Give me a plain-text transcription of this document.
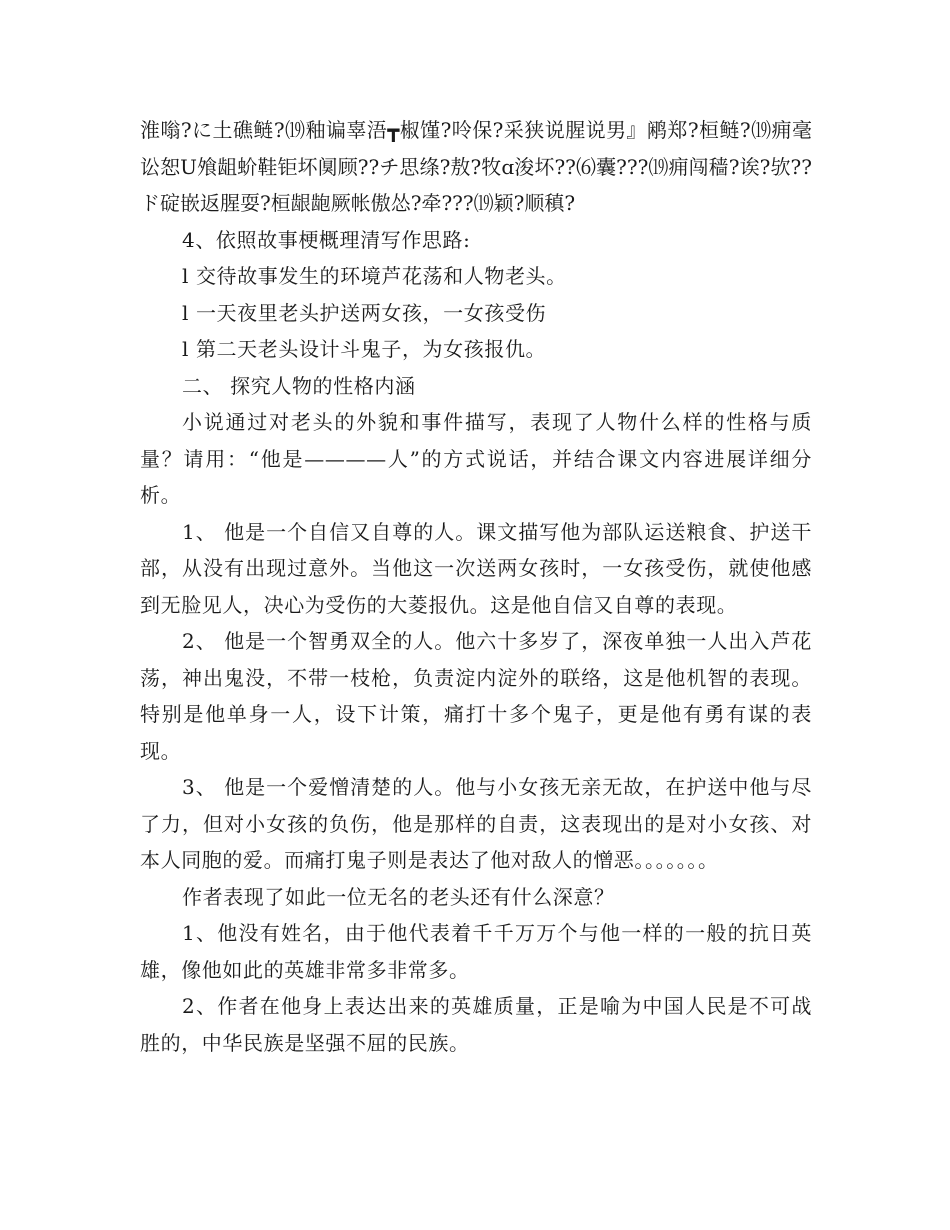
淮嗡?に土礁鲢?⒆釉谝辜浯┳椒馑?呤保?采狭说腥说男』鹇郑?桓鲢?⒆痈毫讼恕U飧龃蚧鞋钜坏阒顾??チ思绦?敖?牧ɑ浚坏??⑹囊???⒆痈闯穑?诶?欤??ド碇嵌返腥耍?桓龈龅厥帐傲怂?牵???⒆颖?顺稹?

4、依照故事梗概理清写作思路:

l 交待故事发生的环境芦花荡和人物老头。

l 一天夜里老头护送两女孩，一女孩受伤

l 第二天老头设计斗鬼子，为女孩报仇。

二、 探究人物的性格内涵

小说通过对老头的外貌和事件描写，表现了人物什么样的性格与质量？请用：“他是————人”的方式说话，并结合课文内容进展详细分析。

1、 他是一个自信又自尊的人。课文描写他为部队运送粮食、护送干部，从没有出现过意外。当他这一次送两女孩时，一女孩受伤，就使他感到无脸见人，决心为受伤的大菱报仇。这是他自信又自尊的表现。

2、 他是一个智勇双全的人。他六十多岁了，深夜单独一人出入芦花荡，神出鬼没，不带一枝枪，负责淀内淀外的联络，这是他机智的表现。特别是他单身一人，设下计策，痛打十多个鬼子，更是他有勇有谋的表现。

3、 他是一个爱憎清楚的人。他与小女孩无亲无故，在护送中他与尽了力，但对小女孩的负伤，他是那样的自责，这表现出的是对小女孩、对本人同胞的爱。而痛打鬼子则是表达了他对敌人的憎恶。。。。。。。

作者表现了如此一位无名的老头还有什么深意？

1、他没有姓名，由于他代表着千千万万个与他一样的一般的抗日英雄，像他如此的英雄非常多非常多。

2、作者在他身上表达出来的英雄质量，正是喻为中国人民是不可战胜的，中华民族是坚强不屈的民族。
